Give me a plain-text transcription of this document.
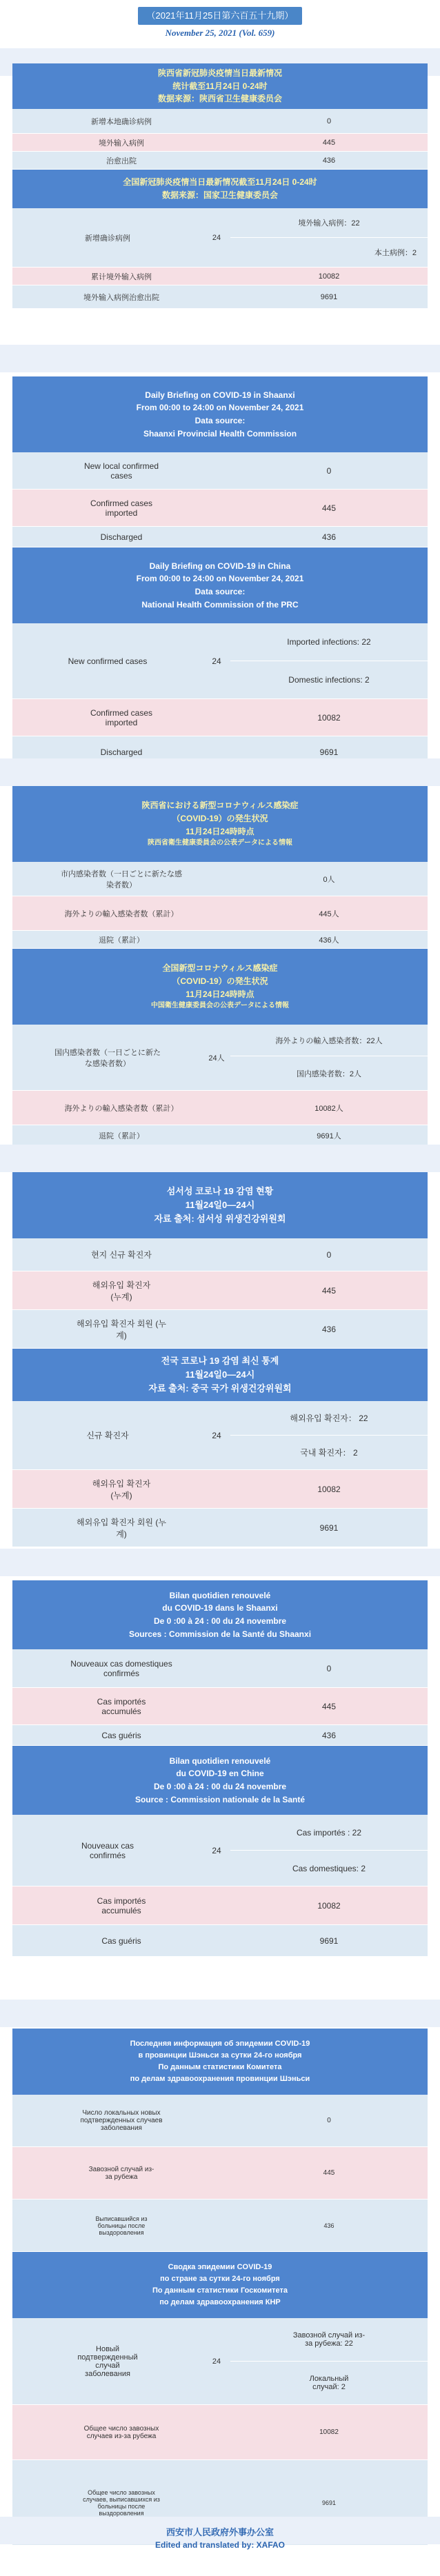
（2021年11月25日第六百五十九期）
November 25, 2021 (Vol. 659)
陕西省新冠肺炎疫情当日最新情况
统计截至11月24日 0-24时
数据来源：陕西省卫生健康委员会
新增本地确诊病例	0
境外输入病例	445
治愈出院	436
全国新冠肺炎疫情当日最新情况截至11月24日 0-24时
数据来源：国家卫生健康委员会
新增确诊病例	24
境外输入病例：22
本土病例：2
累计境外输入病例	10082
境外输入病例治愈出院	9691
Daily Briefing on COVID-19 in Shaanxi
From 00:00 to 24:00 on November 24, 2021
Data source:
Shaanxi Provincial Health Commission
New local confirmed cases	0
Confirmed cases imported	445
Discharged	436
Daily Briefing on COVID-19 in China
From 00:00 to 24:00 on November 24, 2021
Data source:
National Health Commission of the PRC
New confirmed cases	24
Imported infections: 22
Domestic infections: 2
Confirmed cases imported	10082
Discharged	9691
陝西省における新型コロナウィルス感染症
（COVID-19）の発生状況
11月24日24時時点
陝西省衛生健康委員会の公表データによる情報
市内感染者数（一日ごとに新たな感染者数）
0人
海外よりの輸入感染者数（累計）	445人
退院（累計）	436人
全国新型コロナウィルス感染症
（COVID-19）の発生状況
11月24日24時時点
中国衛生健康委員会の公表データによる情報
国内感染者数（一日ごとに新たな感染者数）
24人
海外よりの輸入感染者数：22人
国内感染者数：2人
海外よりの輸入感染者数（累計）	10082人
退院（累計）	9691人
섬서성 코로나 19 감염 현황
11월24일0—24시
자료 출처: 섬서성 위생건강위원회
현지 신규 확진자	0
해외유입 확진자 (누계)
445
해외유입 확진자 회원 (누계)
436
전국 코로나 19 감염 최신 통계
11월24일0—24시
자료 출처: 중국 국가 위생건강위원회
신규 확진자	24
해외유입 확진자： 22
국내 확진자： 2
해외유입 확진자 (누계)
10082
해외유입 확진자 회원 (누계)
9691
Bilan quotidien renouvelé
du COVID-19 dans le Shaanxi
De 0 :00 à 24 : 00 du 24 novembre
Sources : Commission de la Santé du Shaanxi
Nouveaux cas domestiques confirmés	0
Cas importés accumulés	445
Cas guéris	436
Bilan quotidien renouvelé
du COVID-19 en Chine
De 0 :00 à 24 : 00 du 24 novembre
Source : Commission nationale de la Santé
Nouveaux cas confirmés	24
Cas importés : 22
Cas domestiques: 2
Cas importés accumulés	10082
Cas guéris	9691
Последняя информация об эпидемии COVID-19
в провинции Шэньси за сутки 24-го ноября
По данным статистики Комитета
по делам здравоохранения провинции Шэньси
Число локальных новых подтвержденных случаев заболевания
0
Завозной случай из-за рубежа	445
Выписавшийся из больницы после выздоровления
436
Сводка эпидемии COVID-19
по стране за сутки 24-го ноября
По данным статистики Госкомитета
по делам здравоохранения КНР
Новый подтвержденный случай заболевания
24
Завозной случай из-за рубежа: 22
Локальный случай: 2
Общее число завозных случаев из-за рубежа	10082
Общее число завозных случаев, выписавшихся из больницы после выздоровления
9691
西安市人民政府外事办公室
Edited and translated by: XAFAO
